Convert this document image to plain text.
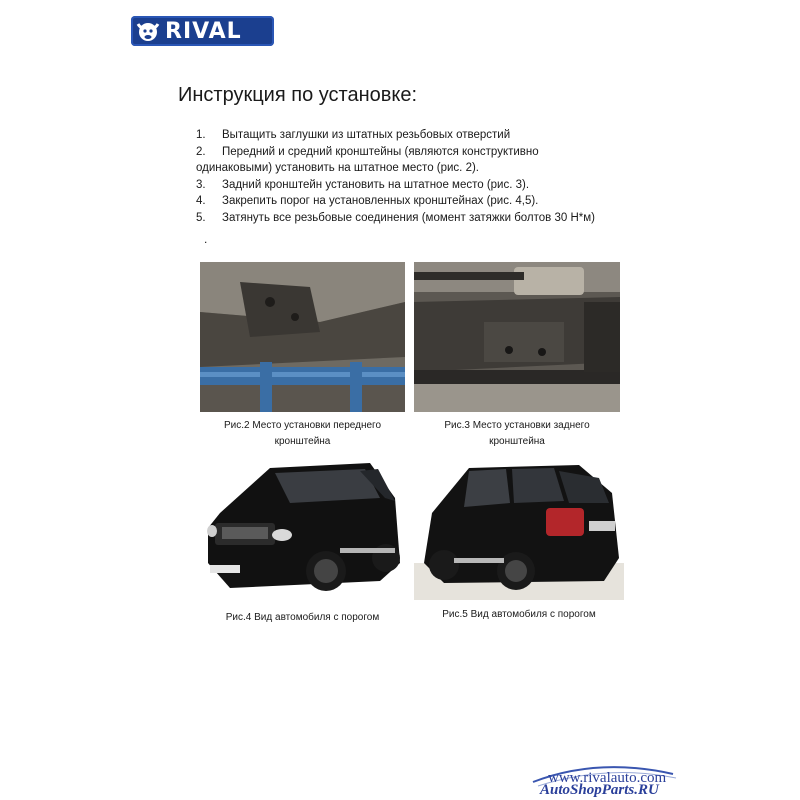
RIVAL
Инструкция по установке:
1.	Вытащить заглушки из штатных резьбовых отверстий
2.	Передний и средний кронштейны (являются конструктивно
одинаковыми) установить на штатное место (рис. 2).
3.	Задний кронштейн установить на штатное место (рис. 3).
4.	Закрепить порог на установленных кронштейнах (рис. 4,5).
5.	Затянуть все резьбовые соединения (момент затяжки болтов 30 Н*м)
.
Рис.2 Место установки переднего
кронштейна
Рис.3 Место установки заднего
кронштейна
Рис.4 Вид автомобиля с порогом	Рис.5 Вид автомобиля с порогом
www.rivalauto.com
AutoShopParts.RU
